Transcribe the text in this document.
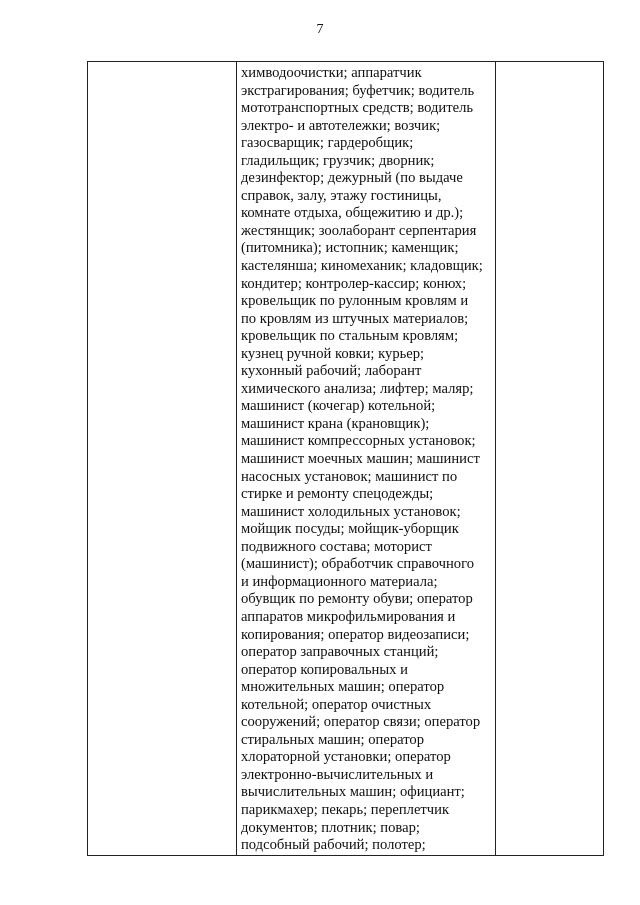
7

химводоочистки; аппаратчик
экстрагирования; буфетчик; водитель
мототранспортных средств; водитель
электро- и автотележки; возчик;
газосварщик; гардеробщик;
гладильщик; грузчик; дворник;
дезинфектор; дежурный (по выдаче
справок, залу, этажу гостиницы,
комнате отдыха, общежитию и др.);
жестянщик; зоолаборант серпентария
(питомника); истопник; каменщик;
кастелянша; киномеханик; кладовщик;
кондитер; контролер-кассир; конюх;
кровельщик по рулонным кровлям и
по кровлям из штучных материалов;
кровельщик по стальным кровлям;
кузнец ручной ковки; курьер;
кухонный рабочий; лаборант
химического анализа; лифтер; маляр;
машинист (кочегар) котельной;
машинист крана (крановщик);
машинист компрессорных установок;
машинист моечных машин; машинист
насосных установок; машинист по
стирке и ремонту спецодежды;
машинист холодильных установок;
мойщик посуды; мойщик-уборщик
подвижного состава; моторист
(машинист); обработчик справочного
и информационного материала;
обувщик по ремонту обуви; оператор
аппаратов микрофильмирования и
копирования; оператор видеозаписи;
оператор заправочных станций;
оператор копировальных и
множительных машин; оператор
котельной; оператор очистных
сооружений; оператор связи; оператор
стиральных машин; оператор
хлораторной установки; оператор
электронно-вычислительных и
вычислительных машин; официант;
парикмахер; пекарь; переплетчик
документов; плотник; повар;
подсобный рабочий; полотер;
